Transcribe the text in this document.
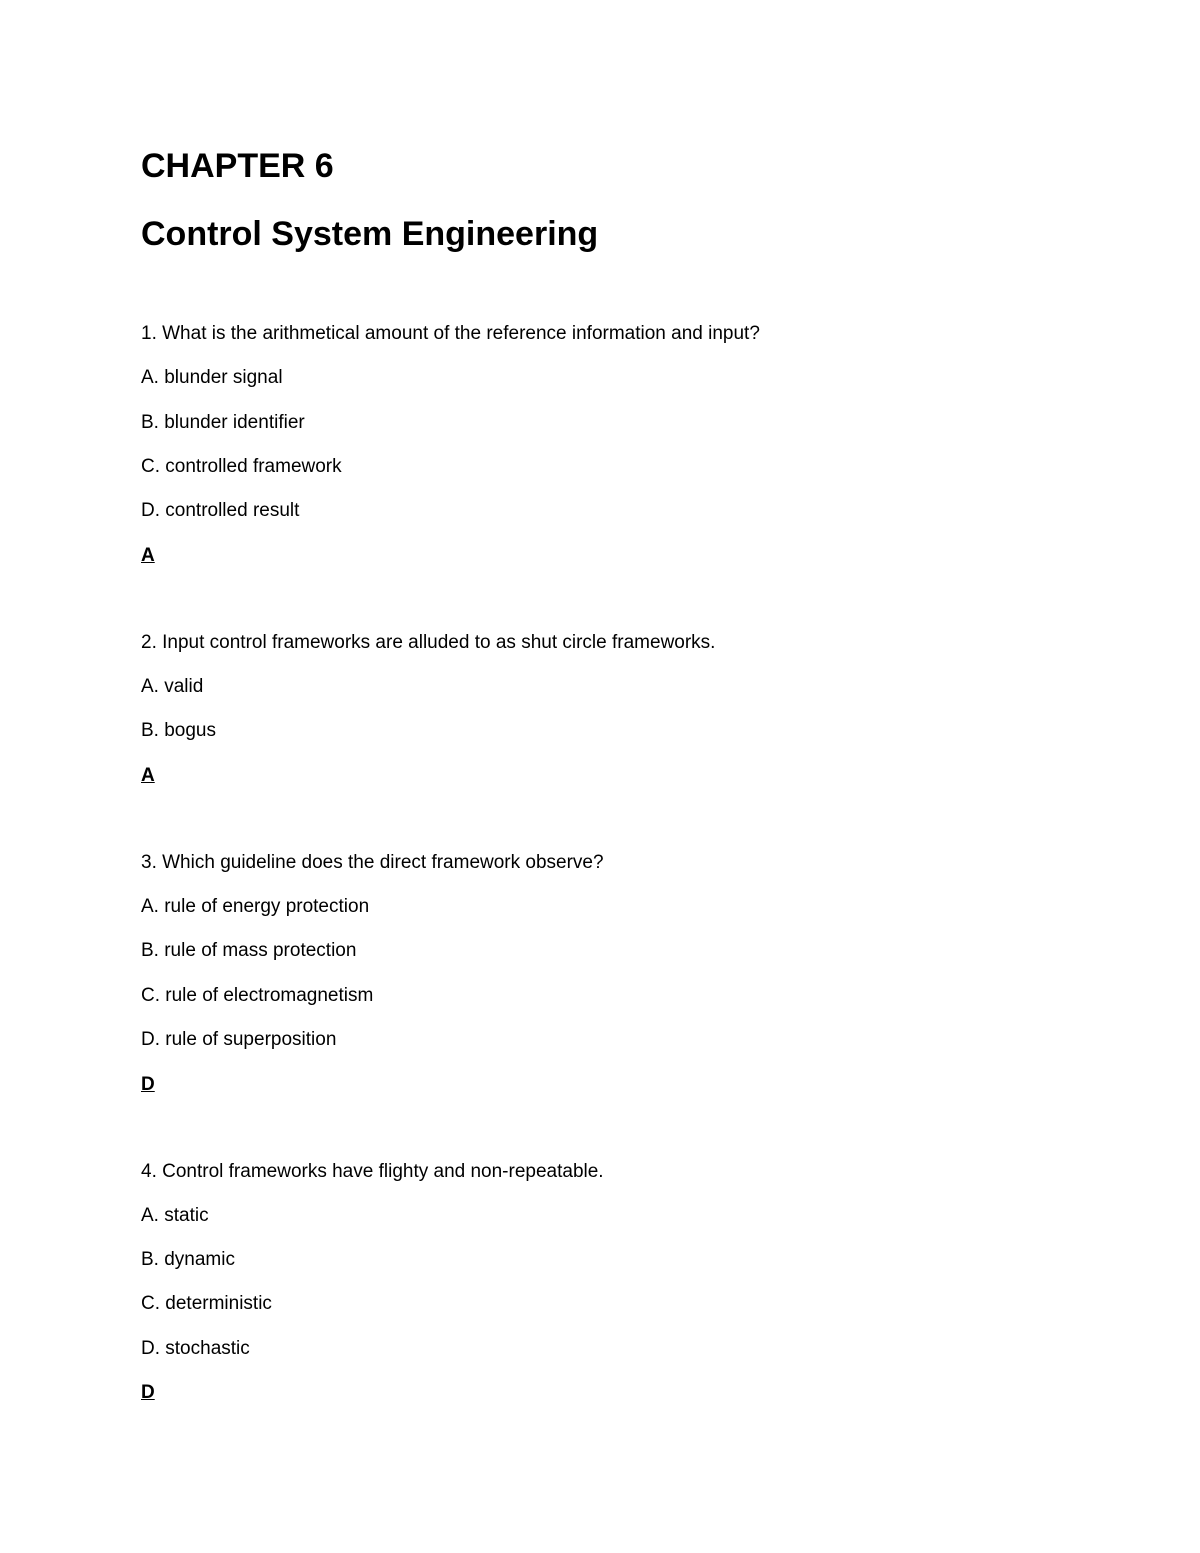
CHAPTER 6
Control System Engineering

1. What is the arithmetical amount of the reference information and input?

A. blunder signal

B. blunder identifier

C. controlled framework

D. controlled result

A

2. Input control frameworks are alluded to as shut circle frameworks.

A. valid

B. bogus

A

3. Which guideline does the direct framework observe?

A. rule of energy protection

B. rule of mass protection

C. rule of electromagnetism

D. rule of superposition

D

4. Control frameworks have flighty and non-repeatable.

A. static

B. dynamic

C. deterministic

D. stochastic

D
